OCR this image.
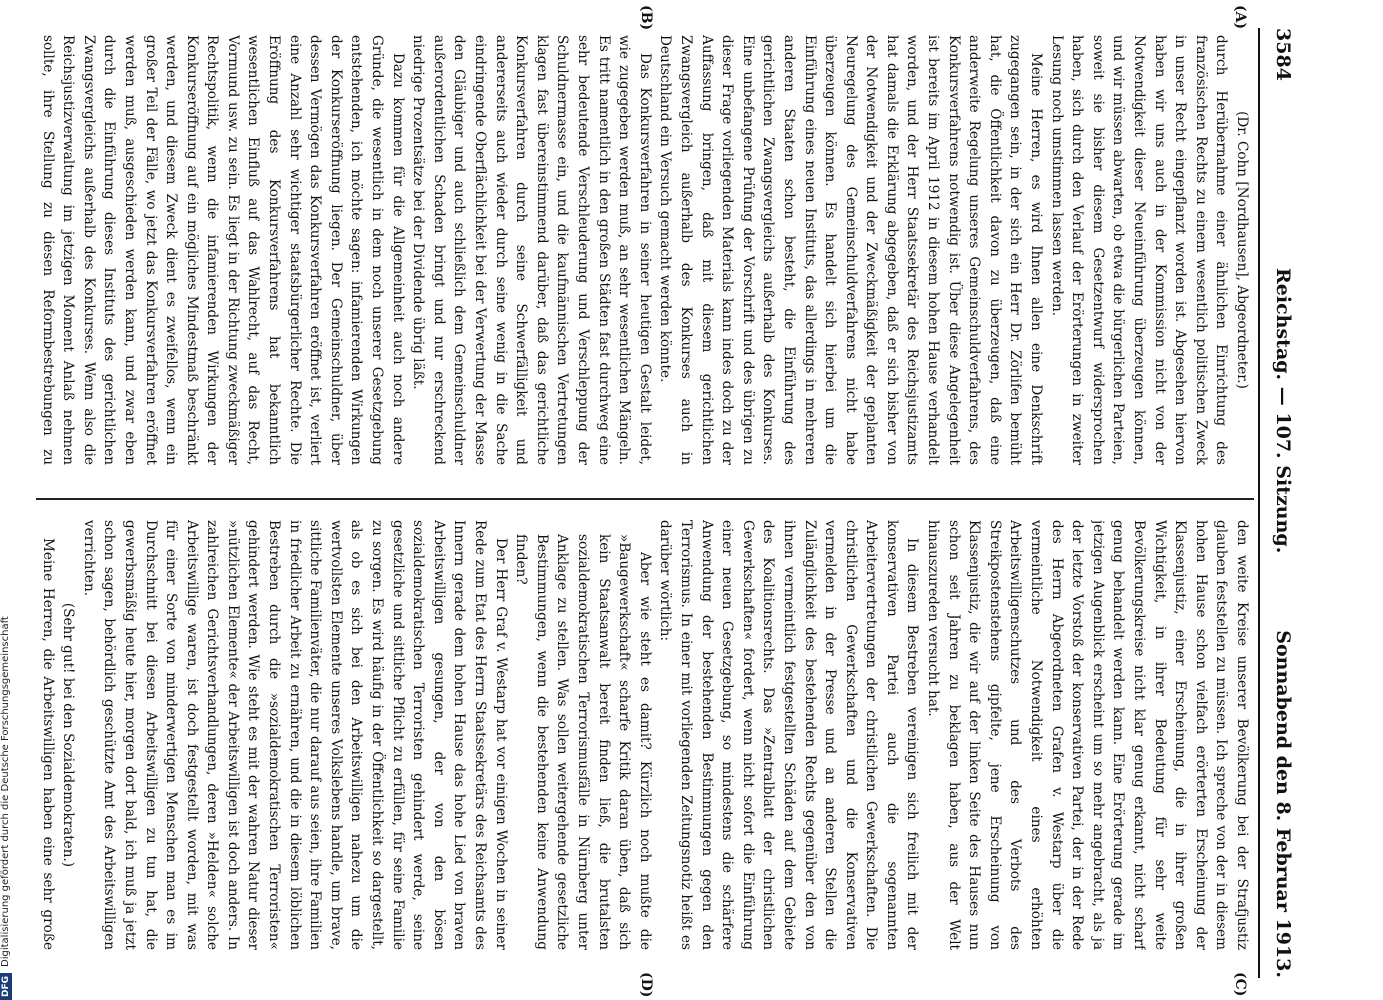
3584
Reichstag. — 107. Sitzung.
Sonnabend den 8. Februar 1913.
(A)
(B)
(C)
(D)

(Dr. Cohn [Nordhausen], Abgeordneter.)

durch Herübernahme einer ähnlichen Einrichtung des französischen Rechts zu einem wesentlich politischen Zweck in unser Recht eingepflanzt worden ist. Abgesehen hiervon haben wir uns auch in der Kommission nicht von der Notwendigkeit dieser Neueinführung überzeugen können, und wir müssen abwarten, ob etwa die bürgerlichen Parteien, soweit sie bisher diesem Gesetzentwurf widersprochen haben, sich durch den Verlauf der Erörterungen in zweiter Lesung noch umstimmen lassen werden.

Meine Herren, es wird Ihnen allen eine Denkschrift zugegangen sein, in der sich ein Herr Dr. Zörlifen bemüht hat, die Öffentlichkeit davon zu überzeugen, daß eine anderweite Regelung unseres Gemeinschuldverfahrens, des Konkursverfahrens notwendig ist. Über diese Angelegenheit ist bereits im April 1912 in diesem hohen Hause verhandelt worden, und der Herr Staatssekretär des Reichsjustizamts hat damals die Erklärung abgegeben, daß er sich bisher von der Notwendigkeit und der Zweckmäßigkeit der geplanten Neuregelung des Gemeinschuldverfahrens nicht habe überzeugen können. Es handelt sich hierbei um die Einführung eines neuen Instituts, das allerdings in mehreren anderen Staaten schon besteht, die Einführung des gerichtlichen Zwangsvergleichs außerhalb des Konkurses. Eine unbefangene Prüfung der Vorschrift und des übrigen zu dieser Frage vorliegenden Materials kann indes doch zu der Auffassung bringen, daß mit diesem gerichtlichen Zwangsvergleich außerhalb des Konkurses auch in Deutschland ein Versuch gemacht werden könnte.

Das Konkursverfahren in seiner heutigen Gestalt leidet, wie zugegeben werden muß, an sehr wesentlichen Mängeln. Es tritt namentlich in den großen Städten fast durchweg eine sehr bedeutende Verschleuderung und Verschleppung der Schuldnermasse ein, und die kaufmännischen Vertretungen klagen fast übereinstimmend darüber, daß das gerichtliche Konkursverfahren durch seine Schwerfälligkeit und andererseits auch wieder durch seine wenig in die Sache eindringende Oberflächlichkeit bei der Verwertung der Masse den Gläubiger und auch schließlich dem Gemeinschuldner außerordentlichen Schaden bringt und nur erschreckend niedrige Prozentsätze bei der Dividende übrig läßt.

Dazu kommen für die Allgemeinheit auch noch andere Gründe, die wesentlich in dem noch unserer Gesetzgebung entstehenden, ich möchte sagen: infamierenden Wirkungen der Konkurseröffnung liegen. Der Gemeinschuldner, über dessen Vermögen das Konkursverfahren eröffnet ist, verliert eine Anzahl sehr wichtiger staatsbürgerlicher Rechte. Die Eröffnung des Konkursverfahrens hat bekanntlich wesentlichen Einfluß auf das Wahlrecht, auf das Recht, Vormund usw. zu sein. Es liegt in der Richtung zweckmäßiger Rechtspolitik, wenn die infamierenden Wirkungen der Konkurseröffnung auf ein mögliches Mindestmaß beschränkt werden, und diesem Zweck dient es zweifellos, wenn ein großer Teil der Fälle, wo jetzt das Konkursverfahren eröffnet werden muß, ausgeschieden werden kann, und zwar eben durch die Einführung dieses Instituts des gerichtlichen Zwangsvergleichs außerhalb des Konkurses. Wenn also die Reichsjustizverwaltung im jetzigen Moment Anlaß nehmen sollte, ihre Stellung zu diesen Reformbestrebungen zu

den weite Kreise unserer Bevölkerung bei der Strafjustiz glauben feststellen zu müssen. Ich spreche von der in diesem hohen Hause schon vielfach erörterten Erscheinung der Klassenjustiz, einer Erscheinung, die in ihrer großen Wichtigkeit, in ihrer Bedeutung für sehr weite Bevölkerungskreise nicht klar genug erkannt, nicht scharf genug behandelt werden kann. Eine Erörterung gerade im jetzigen Augenblick erscheint um so mehr angebracht, als ja der letzte Vorstoß der konservativen Partei, der in der Rede des Herrn Abgeordneten Grafen v. Westarp über die vermeintliche Notwendigkeit eines erhöhten Arbeitswilligenschutzes und des Verbots des Streikpostenstehens gipfelte, jene Erscheinung von Klassenjustiz, die wir auf der linken Seite des Hauses nun schon seit Jahren zu beklagen haben, aus der Welt hinauszureden versucht hat.

In diesem Bestreben vereinigen sich freilich mit der konservativen Partei auch die sogenannten Arbeitervertretungen der christlichen Gewerkschaften. Die christlichen Gewerkschaften und die Konservativen vermelden in der Presse und an anderen Stellen die Zulänglichkeit des bestehenden Rechts gegenüber den von ihnen vermeintlich festgestellten Schäden auf dem Gebiete des Koalitionsrechts. Das »Zentralblatt der christlichen Gewerkschaften« fordert, wenn nicht sofort die Einführung einer neuen Gesetzgebung, so mindestens die schärfere Anwendung der bestehenden Bestimmungen gegen den Terrorismus. In einer mit vorliegenden Zeitungsnotiz heißt es darüber wörtlich:

Aber wie steht es damit? Kürzlich noch mußte die »Baugewerkschaft« scharfe Kritik daran üben, daß sich kein Staatsanwalt bereit finden ließ, die brutalsten sozialdemokratischen Terrorismusfälle in Nürnberg unter Anklage zu stellen. Was sollen weitergehende gesetzliche Bestimmungen, wenn die bestehenden keine Anwendung finden?

Der Herr Graf v. Westarp hat vor einigen Wochen in seiner Rede zum Etat des Herrn Staatssekretärs des Reichsamts des Innern gerade dem hohen Hause das hohe Lied von braven Arbeitswilligen gesungen, der von den bösen sozialdemokratischen Terroristen gehindert werde, seine gesetzliche und sittliche Pflicht zu erfüllen, für seine Familie zu sorgen. Es wird häufig in der Öffentlichkeit so dargestellt, als ob es sich bei den Arbeitswilligen nahezu um die wertvollsten Elemente unseres Volkslebens handle, um brave, sittliche Familienväter, die nur darauf aus seien, ihre Familien in friedlicher Arbeit zu ernähren, und die in diesem löblichen Bestreben durch die »sozialdemokratischen Terroristen« gehindert werden. Wie steht es mit der wahren Natur dieser »nützlichen Elemente« der Arbeitswilligen ist doch anders. In zahlreichen Gerichtsverhandlungen, deren »Helden« solche Arbeitswillige waren, ist doch festgestellt worden, mit was für einer Sorte von minderwertigen Menschen man es im Durchschnitt bei diesen Arbeitswilligen zu tun hat, die gewerbsmäßig heute hier, morgen dort bald, ich muß ja jetzt schon sagen, behördlich geschützte Amt des Arbeitswilligen verrichten.

(Sehr gut! bei den Sozialdemokraten.)

Meine Herren, die Arbeitswilligen haben eine sehr große

DFGDigitalisierung gefördert durch die Deutsche Forschungsgemeinschaft
